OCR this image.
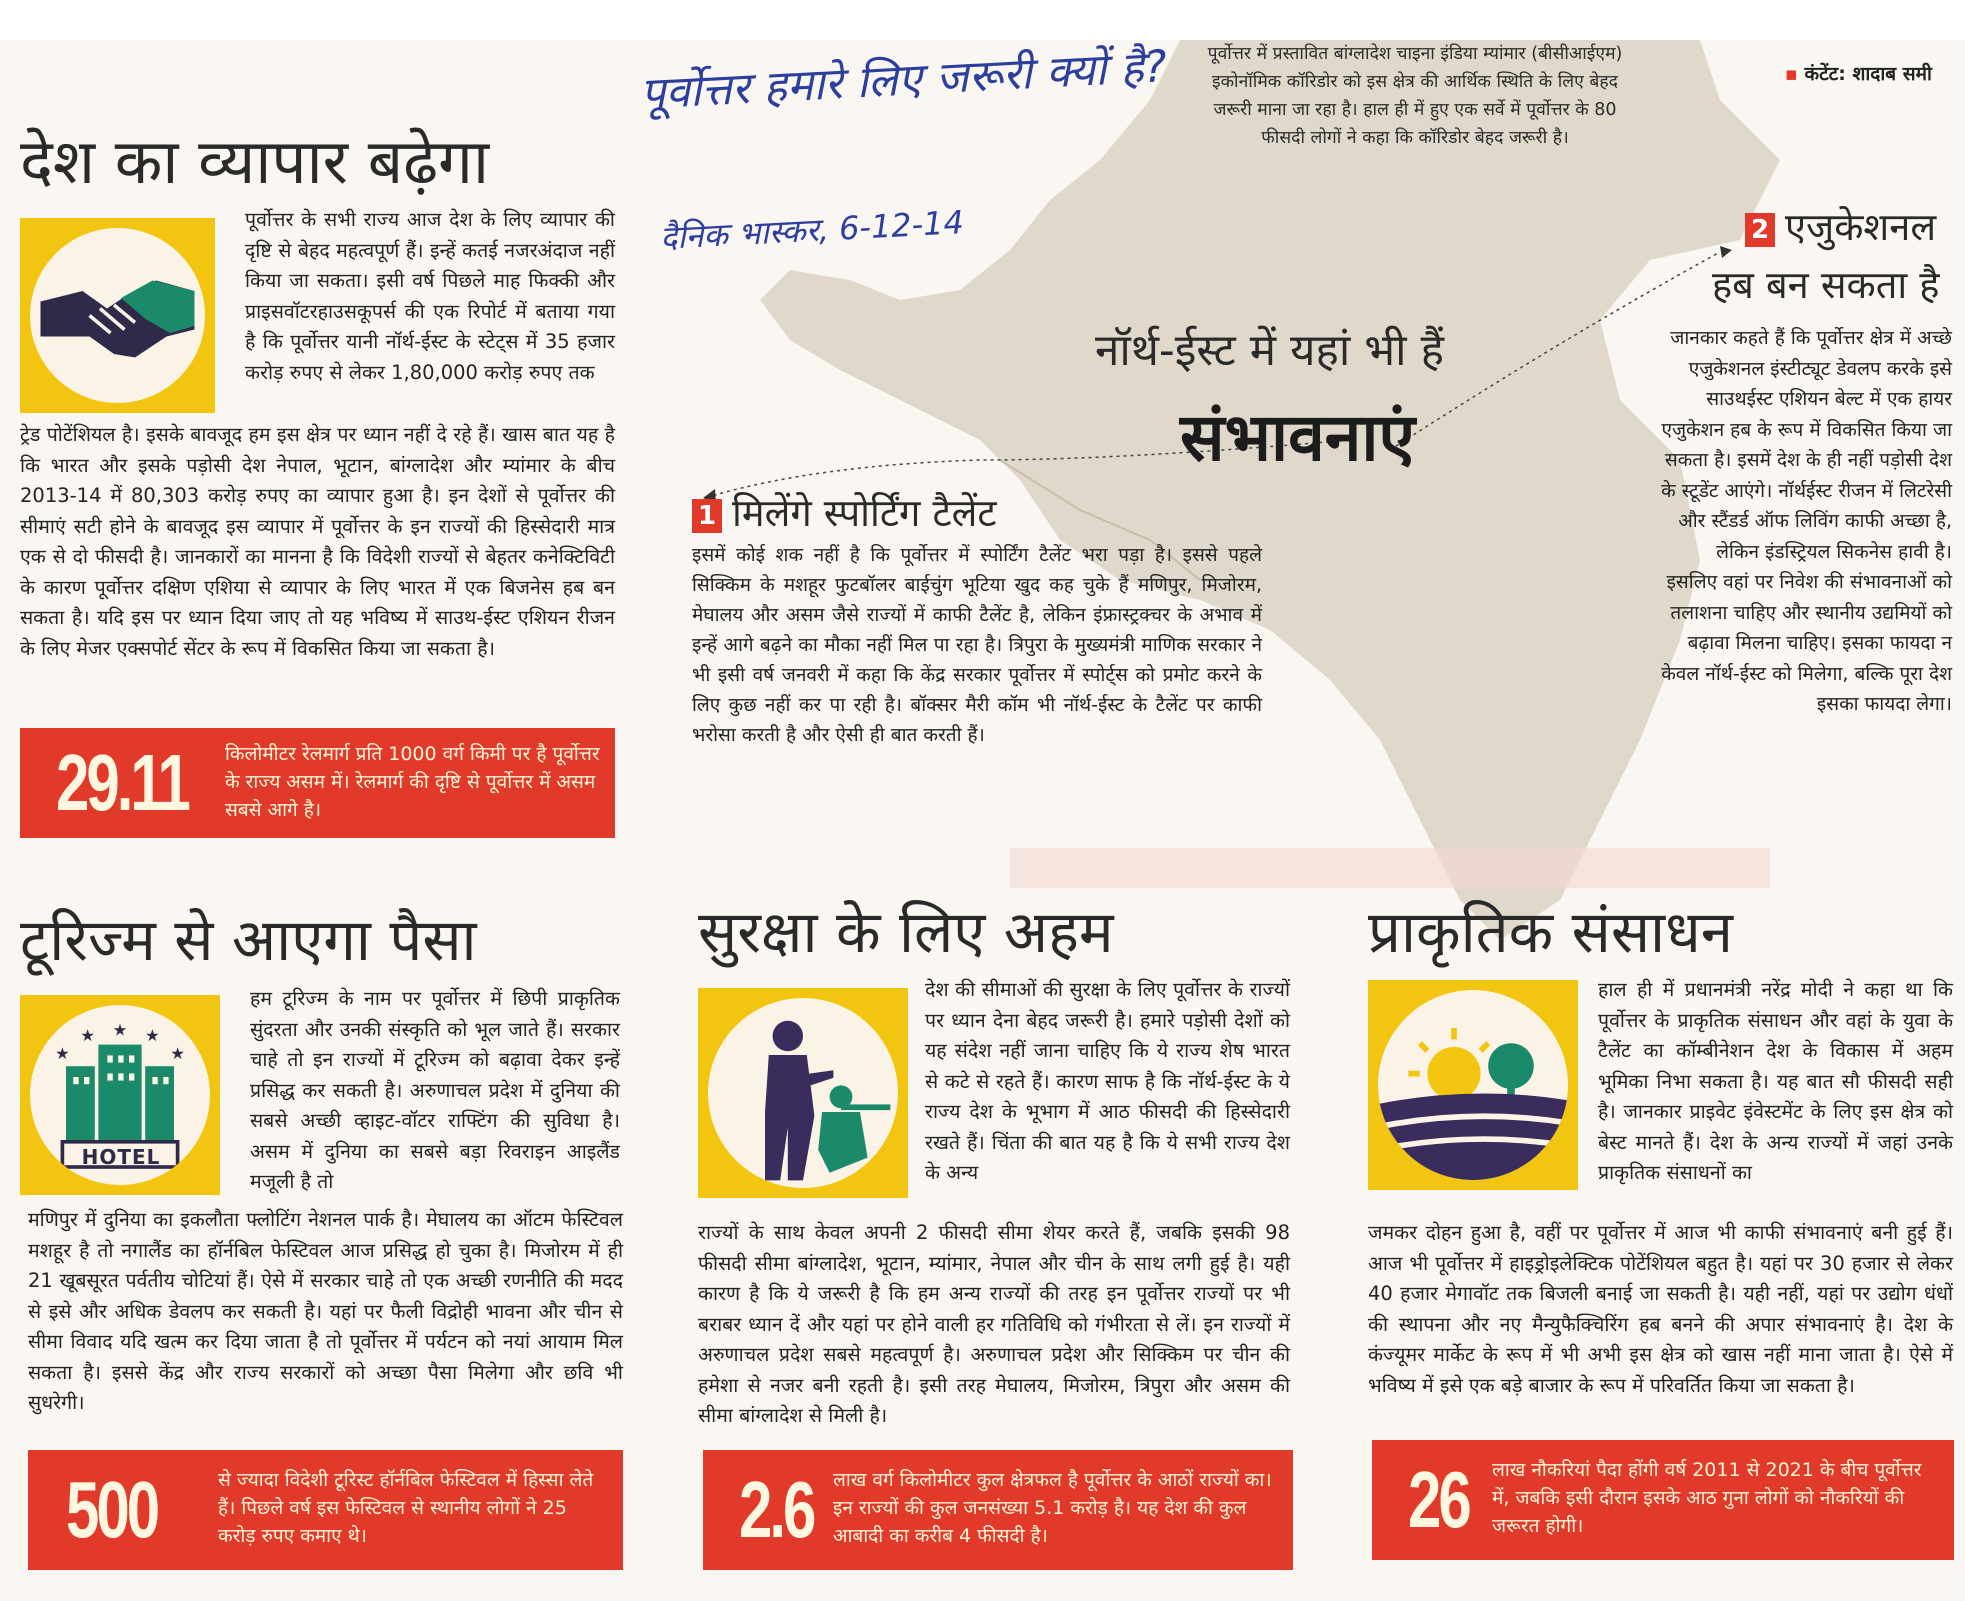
पूर्वोत्तर हमारे लिए जरूरी क्यों है?
दैनिक भास्कर, 6-12-14
पूर्वोत्तर में प्रस्तावित बांग्लादेश चाइना इंडिया म्यांमार (बीसीआईएम) इकोनॉमिक कॉरिडोर को इस क्षेत्र की आर्थिक स्थिति के लिए बेहद जरूरी माना जा रहा है। हाल ही में हुए एक सर्वे में पूर्वोत्तर के 80 फीसदी लोगों ने कहा कि कॉरिडोर बेहद जरूरी है।
▪ कंटेंट: शादाब समी
नॉर्थ-ईस्ट में यहां भी हैं
संभावनाएं
देश का व्यापार बढ़ेगा

पूर्वोत्तर के सभी राज्य आज देश के लिए व्यापार की दृष्टि से बेहद महत्वपूर्ण हैं। इन्हें कतई नजरअंदाज नहीं किया जा सकता। इसी वर्ष पिछले माह फिक्की और प्राइसवॉटरहाउसकूपर्स की एक रिपोर्ट में बताया गया है कि पूर्वोत्तर यानी नॉर्थ-ईस्ट के स्टेट्स में 35 हजार करोड़ रुपए से लेकर 1,80,000 करोड़ रुपए तक

ट्रेड पोटेंशियल है। इसके बावजूद हम इस क्षेत्र पर ध्यान नहीं दे रहे हैं। खास बात यह है कि भारत और इसके पड़ोसी देश नेपाल, भूटान, बांग्लादेश और म्यांमार के बीच 2013-14 में 80,303 करोड़ रुपए का व्यापार हुआ है। इन देशों से पूर्वोत्तर की सीमाएं सटी होने के बावजूद इस व्यापार में पूर्वोत्तर के इन राज्यों की हिस्सेदारी मात्र एक से दो फीसदी है। जानकारों का मानना है कि विदेशी राज्यों से बेहतर कनेक्टिविटी के कारण पूर्वोत्तर दक्षिण एशिया से व्यापार के लिए भारत में एक बिजनेस हब बन सकता है। यदि इस पर ध्यान दिया जाए तो यह भविष्य में साउथ-ईस्ट एशियन रीजन के लिए मेजर एक्सपोर्ट सेंटर के रूप में विकसित किया जा सकता है।

29.11 किलोमीटर रेलमार्ग प्रति 1000 वर्ग किमी पर है पूर्वोत्तर के राज्य असम में। रेलमार्ग की दृष्टि से पूर्वोत्तर में असम सबसे आगे है।
1 मिलेंगे स्पोर्टिंग टैलेंट

इसमें कोई शक नहीं है कि पूर्वोत्तर में स्पोर्टिंग टैलेंट भरा पड़ा है। इससे पहले सिक्किम के मशहूर फुटबॉलर बाईचुंग भूटिया खुद कह चुके हैं मणिपुर, मिजोरम, मेघालय और असम जैसे राज्यों में काफी टैलेंट है, लेकिन इंफ्रास्ट्रक्चर के अभाव में इन्हें आगे बढ़ने का मौका नहीं मिल पा रहा है। त्रिपुरा के मुख्यमंत्री माणिक सरकार ने भी इसी वर्ष जनवरी में कहा कि केंद्र सरकार पूर्वोत्तर में स्पोर्ट्स को प्रमोट करने के लिए कुछ नहीं कर पा रही है। बॉक्सर मैरी कॉम भी नॉर्थ-ईस्ट के टैलेंट पर काफी भरोसा करती है और ऐसी ही बात करती हैं।

2 एजुकेशनल
हब बन सकता है

जानकार कहते हैं कि पूर्वोत्तर क्षेत्र में अच्छे एजुकेशनल इंस्टीट्यूट डेवलप करके इसे साउथईस्ट एशियन बेल्ट में एक हायर एजुकेशन हब के रूप में विकसित किया जा सकता है। इसमें देश के ही नहीं पड़ोसी देश के स्टूडेंट आएंगे। नॉर्थईस्ट रीजन में लिटरेसी और स्टैंडर्ड ऑफ लिविंग काफी अच्छा है, लेकिन इंडस्ट्रियल सिकनेस हावी है। इसलिए वहां पर निवेश की संभावनाओं को तलाशना चाहिए और स्थानीय उद्यमियों को बढ़ावा मिलना चाहिए। इसका फायदा न केवल नॉर्थ-ईस्ट को मिलेगा, बल्कि पूरा देश इसका फायदा लेगा।

टूरिज्म से आएगा पैसा
★
★
★
★	★
HOTEL

हम टूरिज्म के नाम पर पूर्वोत्तर में छिपी प्राकृतिक सुंदरता और उनकी संस्कृति को भूल जाते हैं। सरकार चाहे तो इन राज्यों में टूरिज्म को बढ़ावा देकर इन्हें प्रसिद्ध कर सकती है। अरुणाचल प्रदेश में दुनिया की सबसे अच्छी व्हाइट-वॉटर राफ्टिंग की सुविधा है। असम में दुनिया का सबसे बड़ा रिवराइन आइलैंड मजूली है तो

मणिपुर में दुनिया का इकलौता फ्लोटिंग नेशनल पार्क है। मेघालय का ऑटम फेस्टिवल मशहूर है तो नगालैंड का हॉर्नबिल फेस्टिवल आज प्रसिद्ध हो चुका है। मिजोरम में ही 21 खूबसूरत पर्वतीय चोटियां हैं। ऐसे में सरकार चाहे तो एक अच्छी रणनीति की मदद से इसे और अधिक डेवलप कर सकती है। यहां पर फैली विद्रोही भावना और चीन से सीमा विवाद यदि खत्म कर दिया जाता है तो पूर्वोत्तर में पर्यटन को नयां आयाम मिल सकता है। इससे केंद्र और राज्य सरकारों को अच्छा पैसा मिलेगा और छवि भी सुधरेगी।

500	से ज्यादा विदेशी टूरिस्ट हॉर्नबिल फेस्टिवल में हिस्सा लेते हैं। पिछले वर्ष इस फेस्टिवल से स्थानीय लोगों ने 25 करोड़ रुपए कमाए थे।
सुरक्षा के लिए अहम

देश की सीमाओं की सुरक्षा के लिए पूर्वोत्तर के राज्यों पर ध्यान देना बेहद जरूरी है। हमारे पड़ोसी देशों को यह संदेश नहीं जाना चाहिए कि ये राज्य शेष भारत से कटे से रहते हैं। कारण साफ है कि नॉर्थ-ईस्ट के ये राज्य देश के भूभाग में आठ फीसदी की हिस्सेदारी रखते हैं। चिंता की बात यह है कि ये सभी राज्य देश के अन्य

राज्यों के साथ केवल अपनी 2 फीसदी सीमा शेयर करते हैं, जबकि इसकी 98 फीसदी सीमा बांग्लादेश, भूटान, म्यांमार, नेपाल और चीन के साथ लगी हुई है। यही कारण है कि ये जरूरी है कि हम अन्य राज्यों की तरह इन पूर्वोत्तर राज्यों पर भी बराबर ध्यान दें और यहां पर होने वाली हर गतिविधि को गंभीरता से लें। इन राज्यों में अरुणाचल प्रदेश सबसे महत्वपूर्ण है। अरुणाचल प्रदेश और सिक्किम पर चीन की हमेशा से नजर बनी रहती है। इसी तरह मेघालय, मिजोरम, त्रिपुरा और असम की सीमा बांग्लादेश से मिली है।

2.6 लाख वर्ग किलोमीटर कुल क्षेत्रफल है पूर्वोत्तर के आठों राज्यों का। इन राज्यों की कुल जनसंख्या 5.1 करोड़ है। यह देश की कुल आबादी का करीब 4 फीसदी है।
प्राकृतिक संसाधन

हाल ही में प्रधानमंत्री नरेंद्र मोदी ने कहा था कि पूर्वोत्तर के प्राकृतिक संसाधन और वहां के युवा के टैलेंट का कॉम्बीनेशन देश के विकास में अहम भूमिका निभा सकता है। यह बात सौ फीसदी सही है। जानकार प्राइवेट इंवेस्टमेंट के लिए इस क्षेत्र को बेस्ट मानते हैं। देश के अन्य राज्यों में जहां उनके प्राकृतिक संसाधनों का

जमकर दोहन हुआ है, वहीं पर पूर्वोत्तर में आज भी काफी संभावनाएं बनी हुई हैं। आज भी पूर्वोत्तर में हाइड्रोइलेक्टिक पोटेंशियल बहुत है। यहां पर 30 हजार से लेकर 40 हजार मेगावॉट तक बिजली बनाई जा सकती है। यही नहीं, यहां पर उद्योग धंधों की स्थापना और नए मैन्युफैक्चिरिंग हब बनने की अपार संभावनाएं है। देश के कंज्यूमर मार्केट के रूप में भी अभी इस क्षेत्र को खास नहीं माना जाता है। ऐसे में भविष्य में इसे एक बड़े बाजार के रूप में परिवर्तित किया जा सकता है।

26 लाख नौकरियां पैदा होंगी वर्ष 2011 से 2021 के बीच पूर्वोत्तर में, जबकि इसी दौरान इसके आठ गुना लोगों को नौकरियों की जरूरत होगी।
